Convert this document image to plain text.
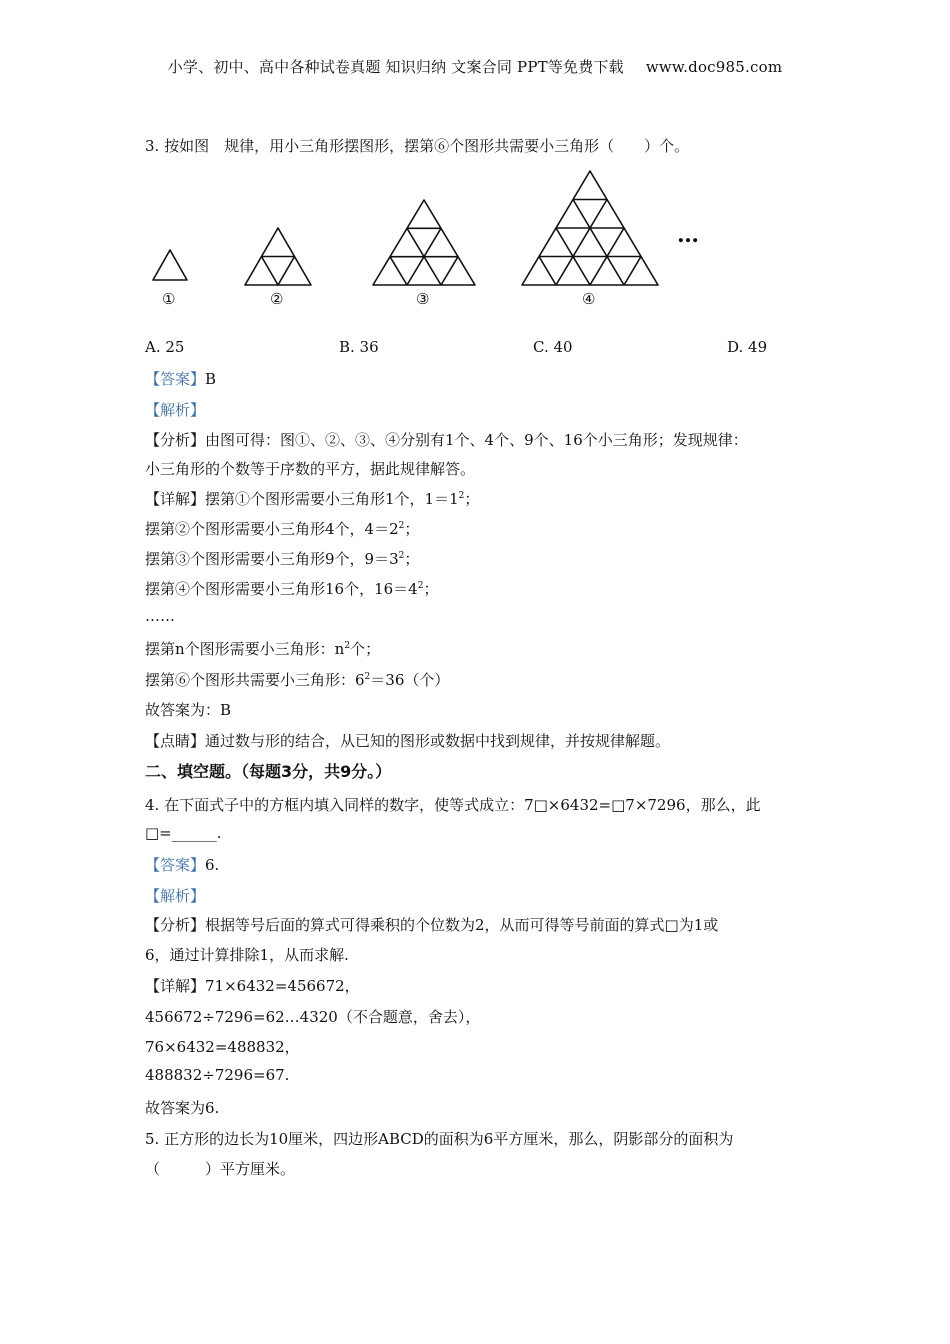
小学、初中、高中各种试卷真题 知识归纳 文案合同 PPT等免费下载 www.doc985.com
3. 按如图　规律，用小三角形摆图形，摆第⑥个图形共需要小三角形（　　）个。
…
①	②	③	④
A. 25	B. 36	C. 40	D. 49
【答案】B
【解析】
【分析】由图可得：图①、②、③、④分别有1个、4个、9个、16个小三角形；发现规律：
小三角形的个数等于序数的平方，据此规律解答。
【详解】摆第①个图形需要小三角形1个，$1=1^2$；
摆第②个图形需要小三角形4个，$4=2^2$；
摆第③个图形需要小三角形9个，$9=3^2$；
摆第④个图形需要小三角形16个，$16=4^2$；
……
摆第n个图形需要小三角形：$n^2$个；
摆第⑥个图形共需要小三角形：$6^2=36$（个）
故答案为：B
【点睛】通过数与形的结合，从已知的图形或数据中找到规律，并按规律解题。
二、填空题。（每题3分，共9分。）
4. 在下面式子中的方框内填入同样的数字，使等式成立：7□×6432=□7×7296，那么，此
□=______.
【答案】6.
【解析】
【分析】根据等号后面的算式可得乘积的个位数为2，从而可得等号前面的算式□为1或
6，通过计算排除1，从而求解.
【详解】71×6432=456672，
456672÷7296=62…4320（不合题意，舍去），
76×6432=488832，
488832÷7296=67.
故答案为6.
5. 正方形的边长为10厘米，四边形ABCD的面积为6平方厘米，那么，阴影部分的面积为
（　　　）平方厘米。
